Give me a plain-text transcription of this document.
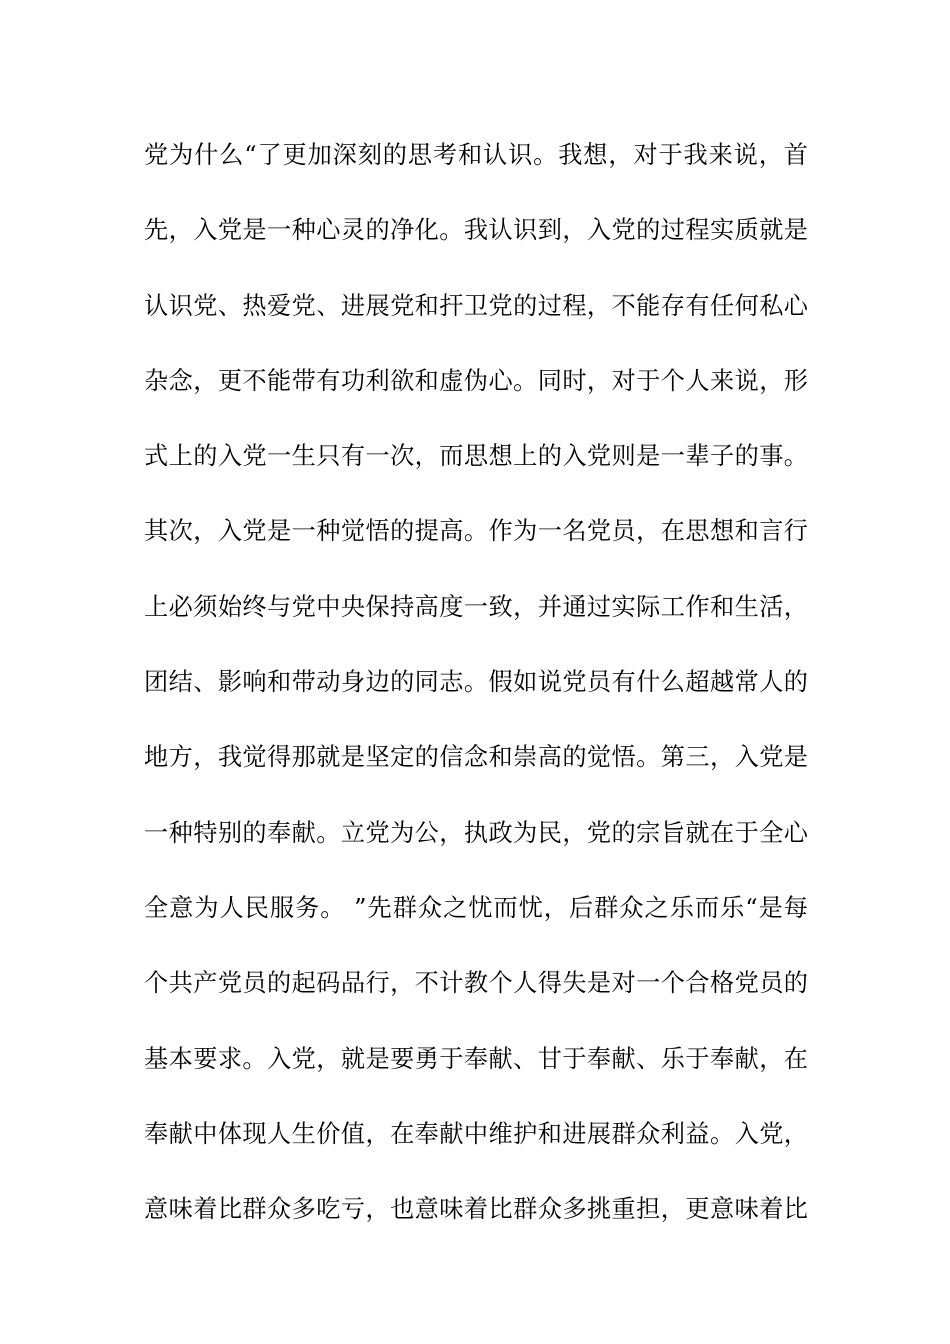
党为什么“了更加深刻的思考和认识。我想，对于我来说，首
先，入党是一种心灵的净化。我认识到，入党的过程实质就是
认识党、热爱党、进展党和扞卫党的过程，不能存有任何私心
杂念，更不能带有功利欲和虚伪心。同时，对于个人来说，形
式上的入党一生只有一次，而思想上的入党则是一辈子的事。
其次，入党是一种觉悟的提高。作为一名党员，在思想和言行
上必须始终与党中央保持高度一致，并通过实际工作和生活，
团结、影响和带动身边的同志。假如说党员有什么超越常人的
地方，我觉得那就是坚定的信念和崇高的觉悟。第三，入党是
一种特别的奉献。立党为公，执政为民，党的宗旨就在于全心
全意为人民服务。 ”先群众之忧而忧，后群众之乐而乐“是每
个共产党员的起码品行，不计教个人得失是对一个合格党员的
基本要求。入党，就是要勇于奉献、甘于奉献、乐于奉献，在
奉献中体现人生价值，在奉献中维护和进展群众利益。入党，
意味着比群众多吃亏，也意味着比群众多挑重担，更意味着比
